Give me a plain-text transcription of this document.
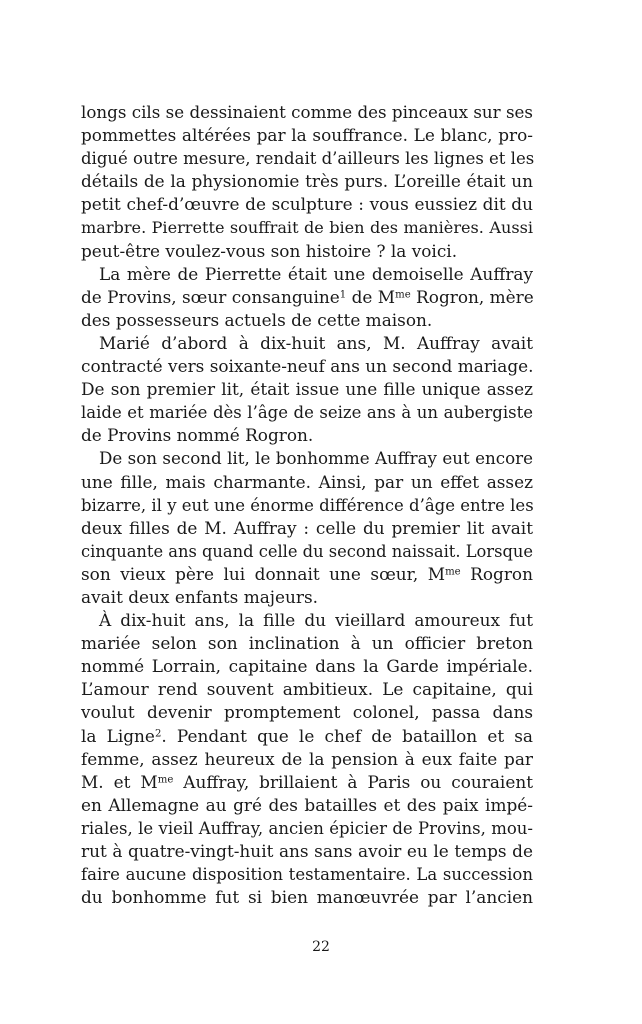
longs cils se dessinaient comme des pinceaux sur ses
pommettes altérées par la souffrance. Le blanc, pro-
digué outre mesure, rendait d’ailleurs les lignes et les
détails de la physionomie très purs. L’oreille était un
petit chef-d’œuvre de sculpture : vous eussiez dit du
marbre. Pierrette souffrait de bien des manières. Aussi
peut-être voulez-vous son histoire ? la voici.
La mère de Pierrette était une demoiselle Auffray
de Provins, sœur consanguine$^1$ de $M^{me}$ Rogron, mère
des possesseurs actuels de cette maison.
Marié d’abord à dix-huit ans, M. Auffray avait
contracté vers soixante-neuf ans un second mariage.
De son premier lit, était issue une fille unique assez
laide et mariée dès l’âge de seize ans à un aubergiste
de Provins nommé Rogron.
De son second lit, le bonhomme Auffray eut encore
une fille, mais charmante. Ainsi, par un effet assez
bizarre, il y eut une énorme différence d’âge entre les
deux filles de M. Auffray : celle du premier lit avait
cinquante ans quand celle du second naissait. Lorsque
son vieux père lui donnait une sœur, $M^{me}$ Rogron
avait deux enfants majeurs.
À dix-huit ans, la fille du vieillard amoureux fut
mariée selon son inclination à un officier breton
nommé Lorrain, capitaine dans la Garde impériale.
L’amour rend souvent ambitieux. Le capitaine, qui
voulut devenir promptement colonel, passa dans
la Ligne$^2$. Pendant que le chef de bataillon et sa
femme, assez heureux de la pension à eux faite par
M. et $M^{me}$ Auffray, brillaient à Paris ou couraient
en Allemagne au gré des batailles et des paix impé-
riales, le vieil Auffray, ancien épicier de Provins, mou-
rut à quatre-vingt-huit ans sans avoir eu le temps de
faire aucune disposition testamentaire. La succession
du bonhomme fut si bien manœuvrée par l’ancien
22
